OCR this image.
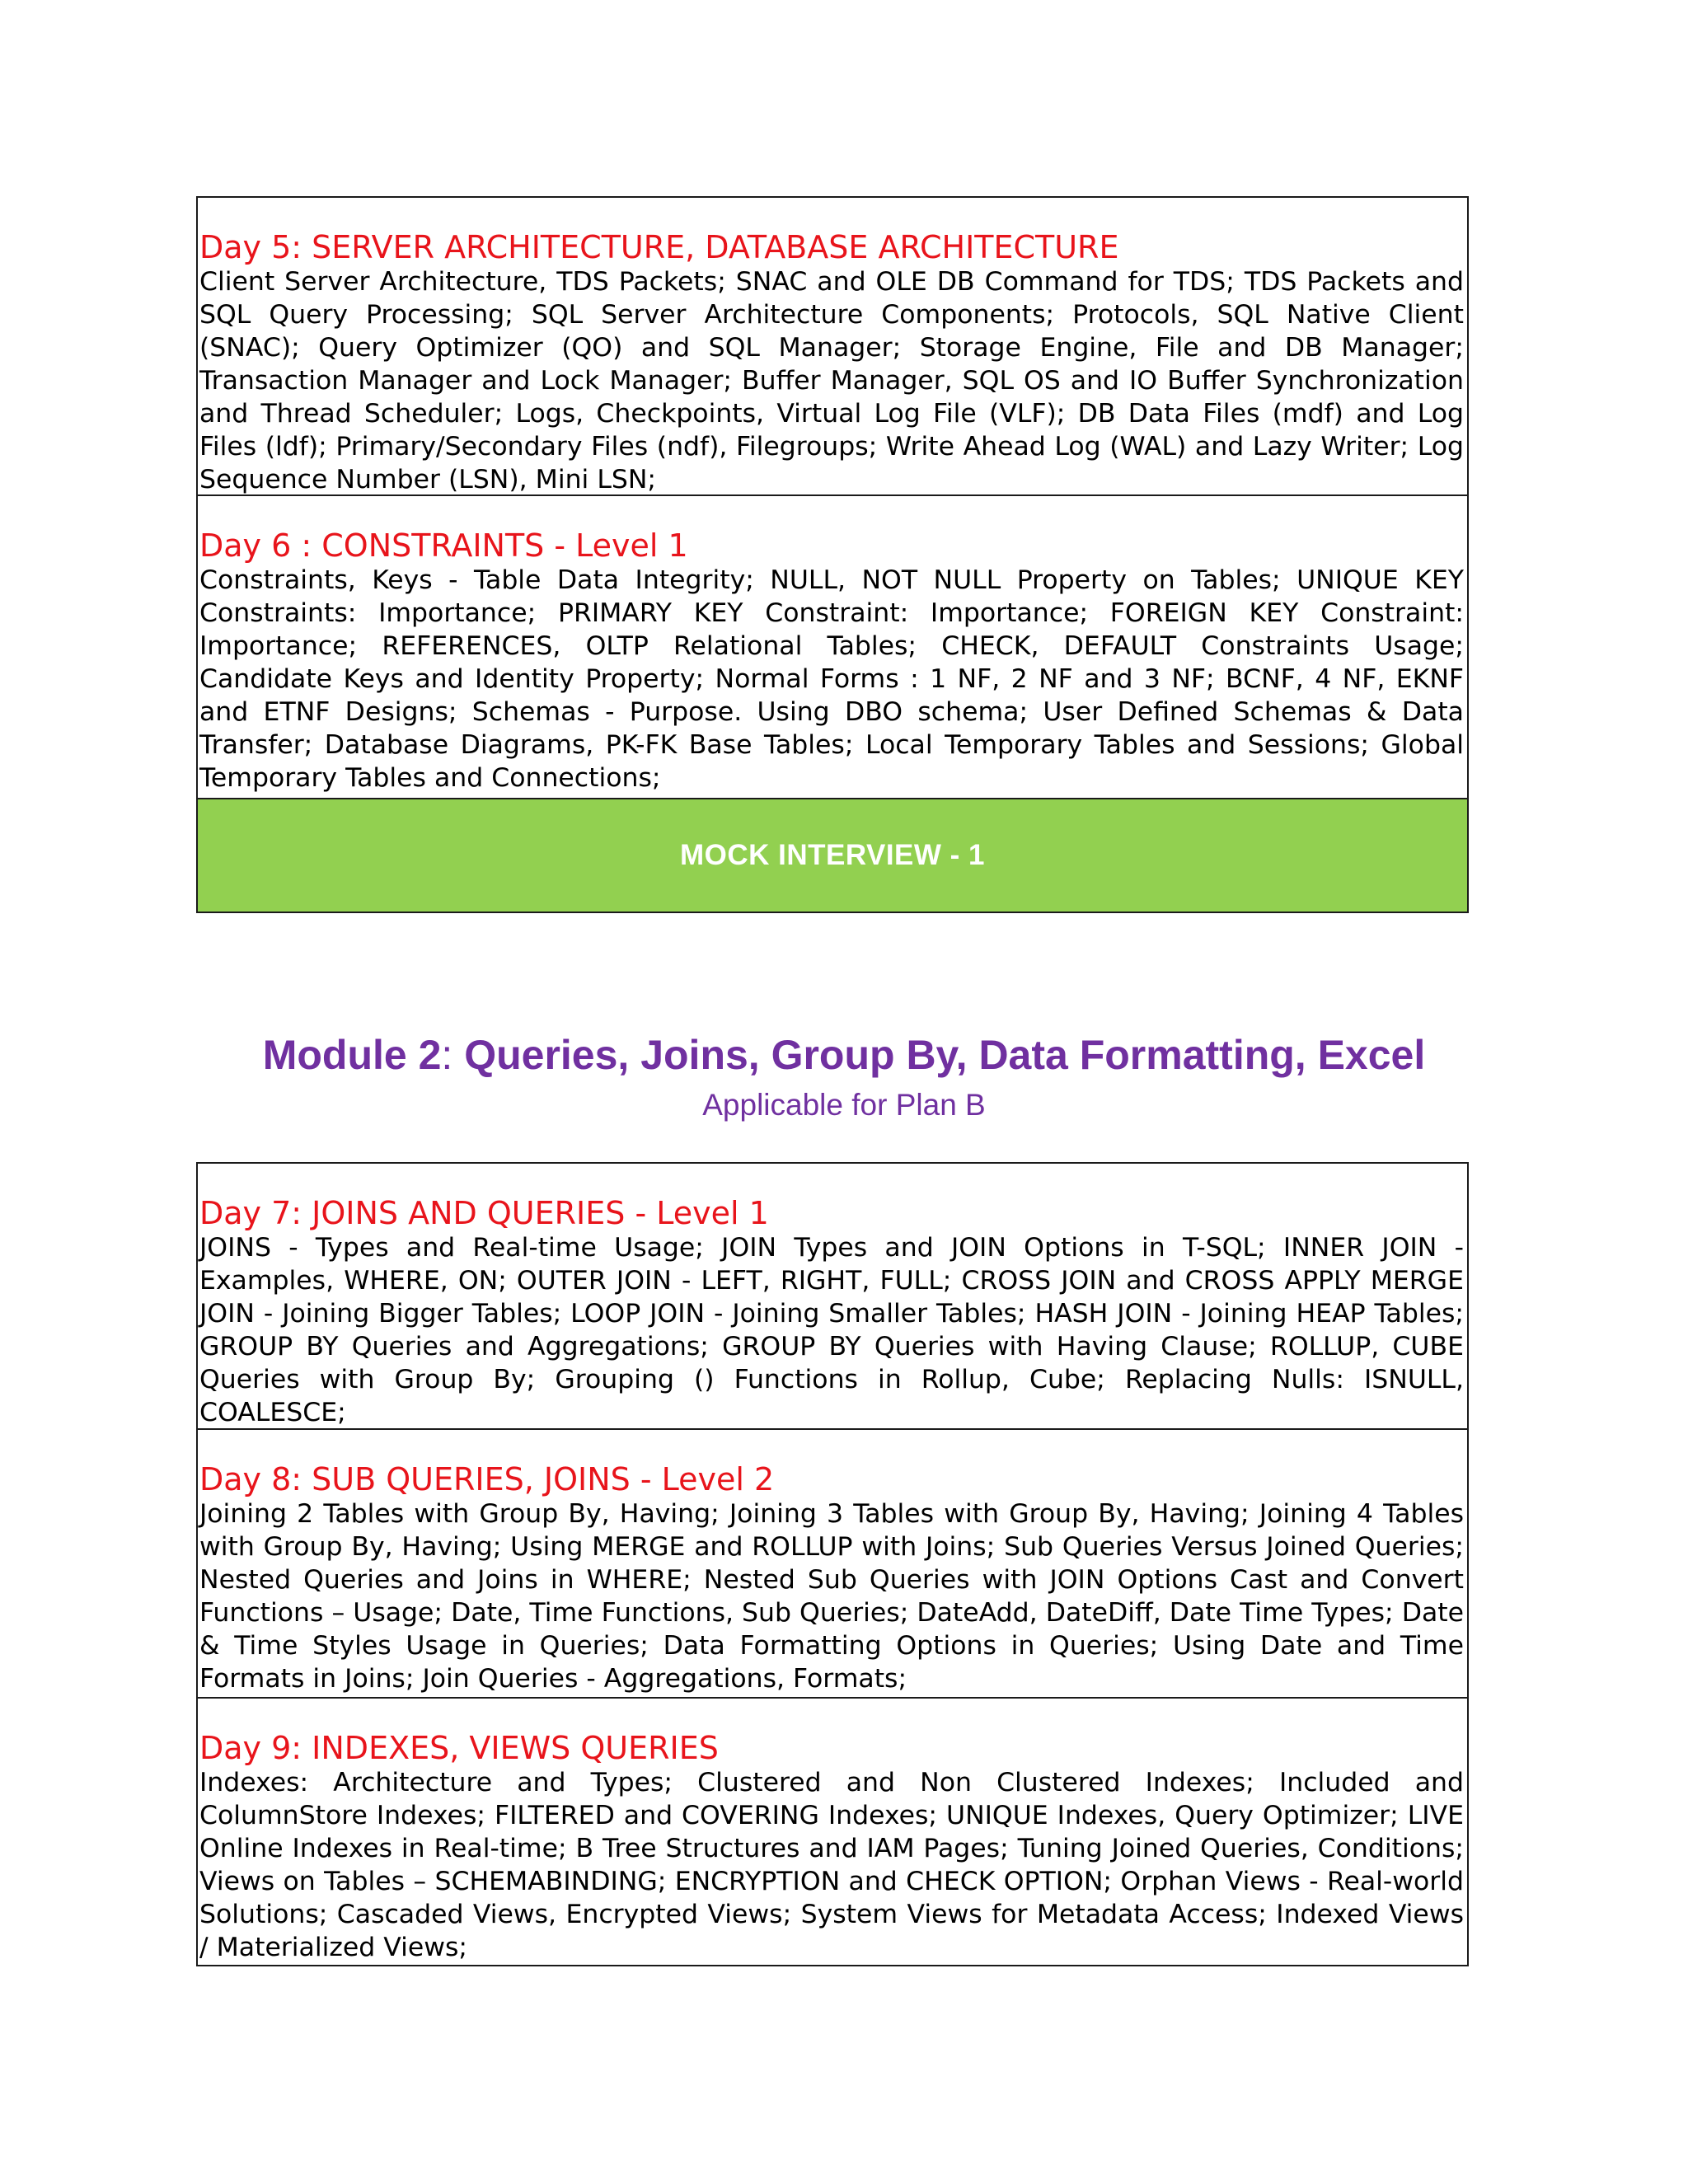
Day 5: SERVER ARCHITECTURE, DATABASE ARCHITECTURE
Client Server Architecture, TDS Packets; SNAC and OLE DB Command for TDS; TDS Packets and SQL Query Processing; SQL Server Architecture Components; Protocols, SQL Native Client (SNAC); Query Optimizer (QO) and SQL Manager; Storage Engine, File and DB Manager; Transaction Manager and Lock Manager; Buffer Manager, SQL OS and IO Buffer Synchronization and Thread Scheduler; Logs, Checkpoints, Virtual Log File (VLF); DB Data Files (mdf) and Log Files (ldf); Primary/Secondary Files (ndf), Filegroups; Write Ahead Log (WAL) and Lazy Writer; Log Sequence Number (LSN), Mini LSN;
Day 6 : CONSTRAINTS - Level 1
Constraints, Keys - Table Data Integrity; NULL, NOT NULL Property on Tables; UNIQUE KEY Constraints: Importance; PRIMARY KEY Constraint: Importance; FOREIGN KEY Constraint: Importance; REFERENCES, OLTP Relational Tables; CHECK, DEFAULT Constraints Usage; Candidate Keys and Identity Property; Normal Forms : 1 NF, 2 NF and 3 NF; BCNF, 4 NF, EKNF and ETNF Designs; Schemas - Purpose. Using DBO schema; User Defined Schemas & Data Transfer; Database Diagrams, PK-FK Base Tables; Local Temporary Tables and Sessions; Global Temporary Tables and Connections;
MOCK INTERVIEW - 1
Module 2: Queries, Joins, Group By, Data Formatting, Excel
Applicable for Plan B
Day 7: JOINS AND QUERIES - Level 1
JOINS - Types and Real-time Usage; JOIN Types and JOIN Options in T-SQL; INNER JOIN - Examples, WHERE, ON; OUTER JOIN - LEFT, RIGHT, FULL; CROSS JOIN and CROSS APPLY MERGE JOIN - Joining Bigger Tables; LOOP JOIN - Joining Smaller Tables; HASH JOIN - Joining HEAP Tables; GROUP BY Queries and Aggregations; GROUP BY Queries with Having Clause; ROLLUP, CUBE Queries with Group By; Grouping () Functions in Rollup, Cube; Replacing Nulls: ISNULL, COALESCE;
Day 8: SUB QUERIES, JOINS - Level 2
Joining 2 Tables with Group By, Having; Joining 3 Tables with Group By, Having; Joining 4 Tables with Group By, Having; Using MERGE and ROLLUP with Joins; Sub Queries Versus Joined Queries; Nested Queries and Joins in WHERE; Nested Sub Queries with JOIN Options Cast and Convert Functions – Usage; Date, Time Functions, Sub Queries; DateAdd, DateDiff, Date Time Types; Date & Time Styles Usage in Queries; Data Formatting Options in Queries; Using Date and Time Formats in Joins; Join Queries - Aggregations, Formats;
Day 9: INDEXES, VIEWS QUERIES
Indexes: Architecture and Types; Clustered and Non Clustered Indexes; Included and ColumnStore Indexes; FILTERED and COVERING Indexes; UNIQUE Indexes, Query Optimizer; LIVE Online Indexes in Real-time; B Tree Structures and IAM Pages; Tuning Joined Queries, Conditions; Views on Tables – SCHEMABINDING; ENCRYPTION and CHECK OPTION; Orphan Views - Real-world Solutions; Cascaded Views, Encrypted Views; System Views for Metadata Access; Indexed Views / Materialized Views;
